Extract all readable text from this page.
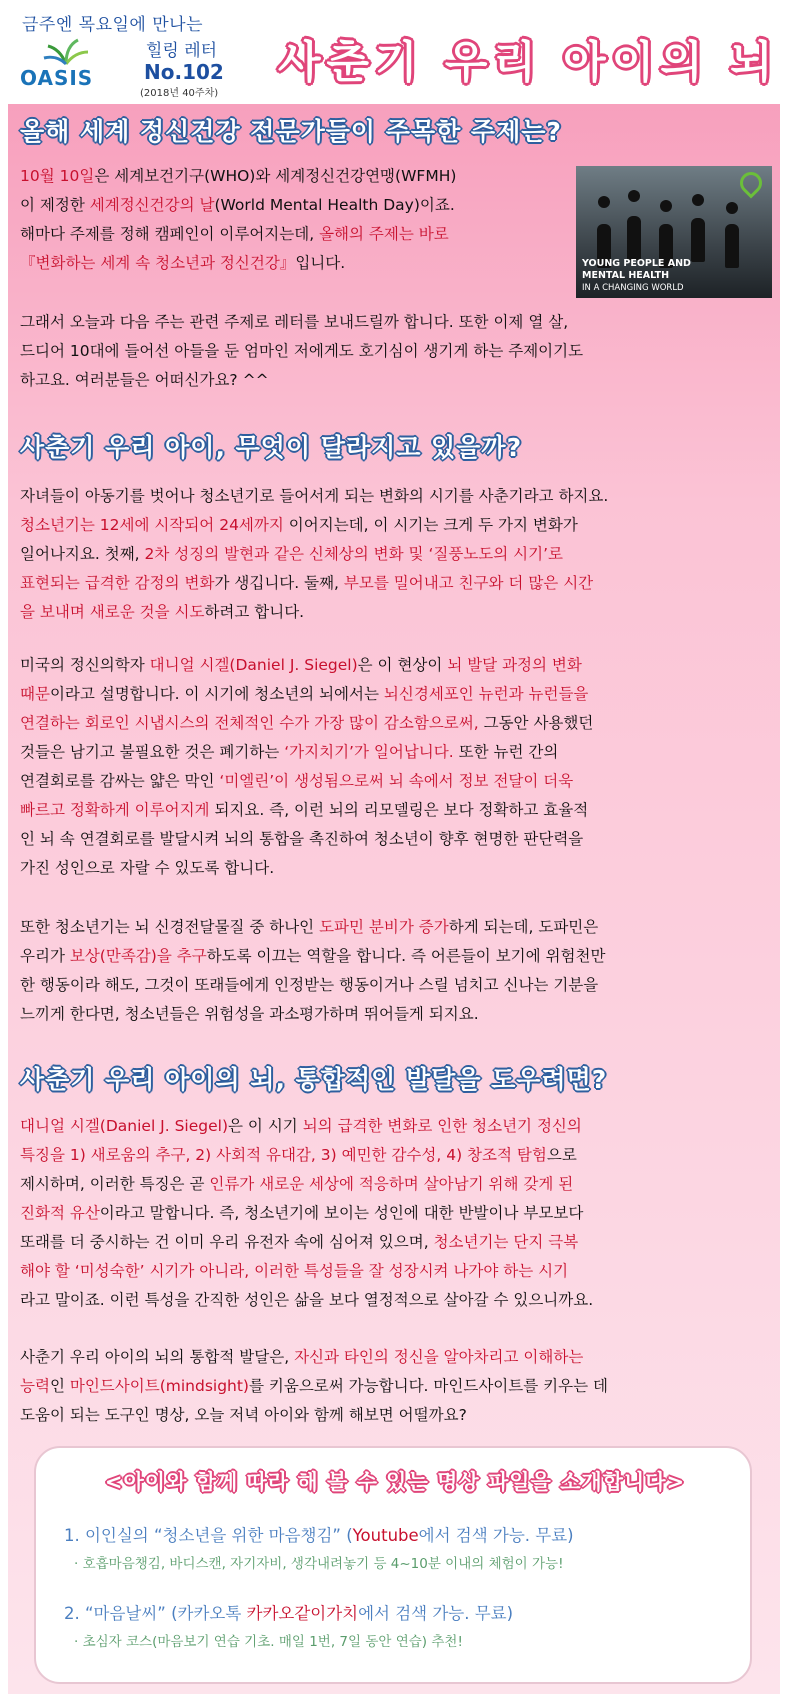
금주엔 목요일에 만나는
OASIS
힐링 레터
No.102
(2018년 40주차)
사춘기 우리 아이의 뇌
올해 세계 정신건강 전문가들이 주목한 주제는?
YOUNG PEOPLE AND
MENTAL HEALTH
IN A CHANGING WORLD
10월 10일은 세계보건기구(WHO)와 세계정신건강연맹(WFMH)
이 제정한 세계정신건강의 날(World Mental Health Day)이죠.
해마다 주제를 정해 캠페인이 이루어지는데, 올해의 주제는 바로
『변화하는 세계 속 청소년과 정신건강』입니다.
그래서 오늘과 다음 주는 관련 주제로 레터를 보내드릴까 합니다. 또한 이제 열 살,
드디어 10대에 들어선 아들을 둔 엄마인 저에게도 호기심이 생기게 하는 주제이기도
하고요. 여러분들은 어떠신가요? ^^
사춘기 우리 아이, 무엇이 달라지고 있을까?
자녀들이 아동기를 벗어나 청소년기로 들어서게 되는 변화의 시기를 사춘기라고 하지요.
청소년기는 12세에 시작되어 24세까지 이어지는데, 이 시기는 크게 두 가지 변화가
일어나지요. 첫째, 2차 성징의 발현과 같은 신체상의 변화 및 ‘질풍노도의 시기’로
표현되는 급격한 감정의 변화가 생깁니다. 둘째, 부모를 밀어내고 친구와 더 많은 시간
을 보내며 새로운 것을 시도하려고 합니다.
미국의 정신의학자 대니얼 시겔(Daniel J. Siegel)은 이 현상이 뇌 발달 과정의 변화
때문이라고 설명합니다. 이 시기에 청소년의 뇌에서는 뇌신경세포인 뉴런과 뉴런들을
연결하는 회로인 시냅시스의 전체적인 수가 가장 많이 감소함으로써, 그동안 사용했던
것들은 남기고 불필요한 것은 폐기하는 ‘가지치기’가 일어납니다. 또한 뉴런 간의
연결회로를 감싸는 얇은 막인 ‘미엘린’이 생성됨으로써 뇌 속에서 정보 전달이 더욱
빠르고 정확하게 이루어지게 되지요. 즉, 이런 뇌의 리모델링은 보다 정확하고 효율적
인 뇌 속 연결회로를 발달시켜 뇌의 통합을 촉진하여 청소년이 향후 현명한 판단력을
가진 성인으로 자랄 수 있도록 합니다.
또한 청소년기는 뇌 신경전달물질 중 하나인 도파민 분비가 증가하게 되는데, 도파민은
우리가 보상(만족감)을 추구하도록 이끄는 역할을 합니다. 즉 어른들이 보기에 위험천만
한 행동이라 해도, 그것이 또래들에게 인정받는 행동이거나 스릴 넘치고 신나는 기분을
느끼게 한다면, 청소년들은 위험성을 과소평가하며 뛰어들게 되지요.
사춘기 우리 아이의 뇌, 통합적인 발달을 도우려면?
대니얼 시겔(Daniel J. Siegel)은 이 시기 뇌의 급격한 변화로 인한 청소년기 정신의
특징을 1) 새로움의 추구, 2) 사회적 유대감, 3) 예민한 감수성, 4) 창조적 탐험으로
제시하며, 이러한 특징은 곧 인류가 새로운 세상에 적응하며 살아남기 위해 갖게 된
진화적 유산이라고 말합니다. 즉, 청소년기에 보이는 성인에 대한 반발이나 부모보다
또래를 더 중시하는 건 이미 우리 유전자 속에 심어져 있으며, 청소년기는 단지 극복
해야 할 ‘미성숙한’ 시기가 아니라, 이러한 특성들을 잘 성장시켜 나가야 하는 시기
라고 말이죠. 이런 특성을 간직한 성인은 삶을 보다 열정적으로 살아갈 수 있으니까요.
사춘기 우리 아이의 뇌의 통합적 발달은, 자신과 타인의 정신을 알아차리고 이해하는
능력인 마인드사이트(mindsight)를 키움으로써 가능합니다. 마인드사이트를 키우는 데
도움이 되는 도구인 명상, 오늘 저녁 아이와 함께 해보면 어떨까요?
<아이와 함께 따라 해 볼 수 있는 명상 파일을 소개합니다>
1. 이인실의 “청소년을 위한 마음챙김” (Youtube에서 검색 가능. 무료)
· 호흡마음챙김, 바디스캔, 자기자비, 생각내려놓기 등 4~10분 이내의 체험이 가능!
2. “마음날씨” (카카오톡 카카오같이가치에서 검색 가능. 무료)
· 초심자 코스(마음보기 연습 기초. 매일 1번, 7일 동안 연습) 추천!
